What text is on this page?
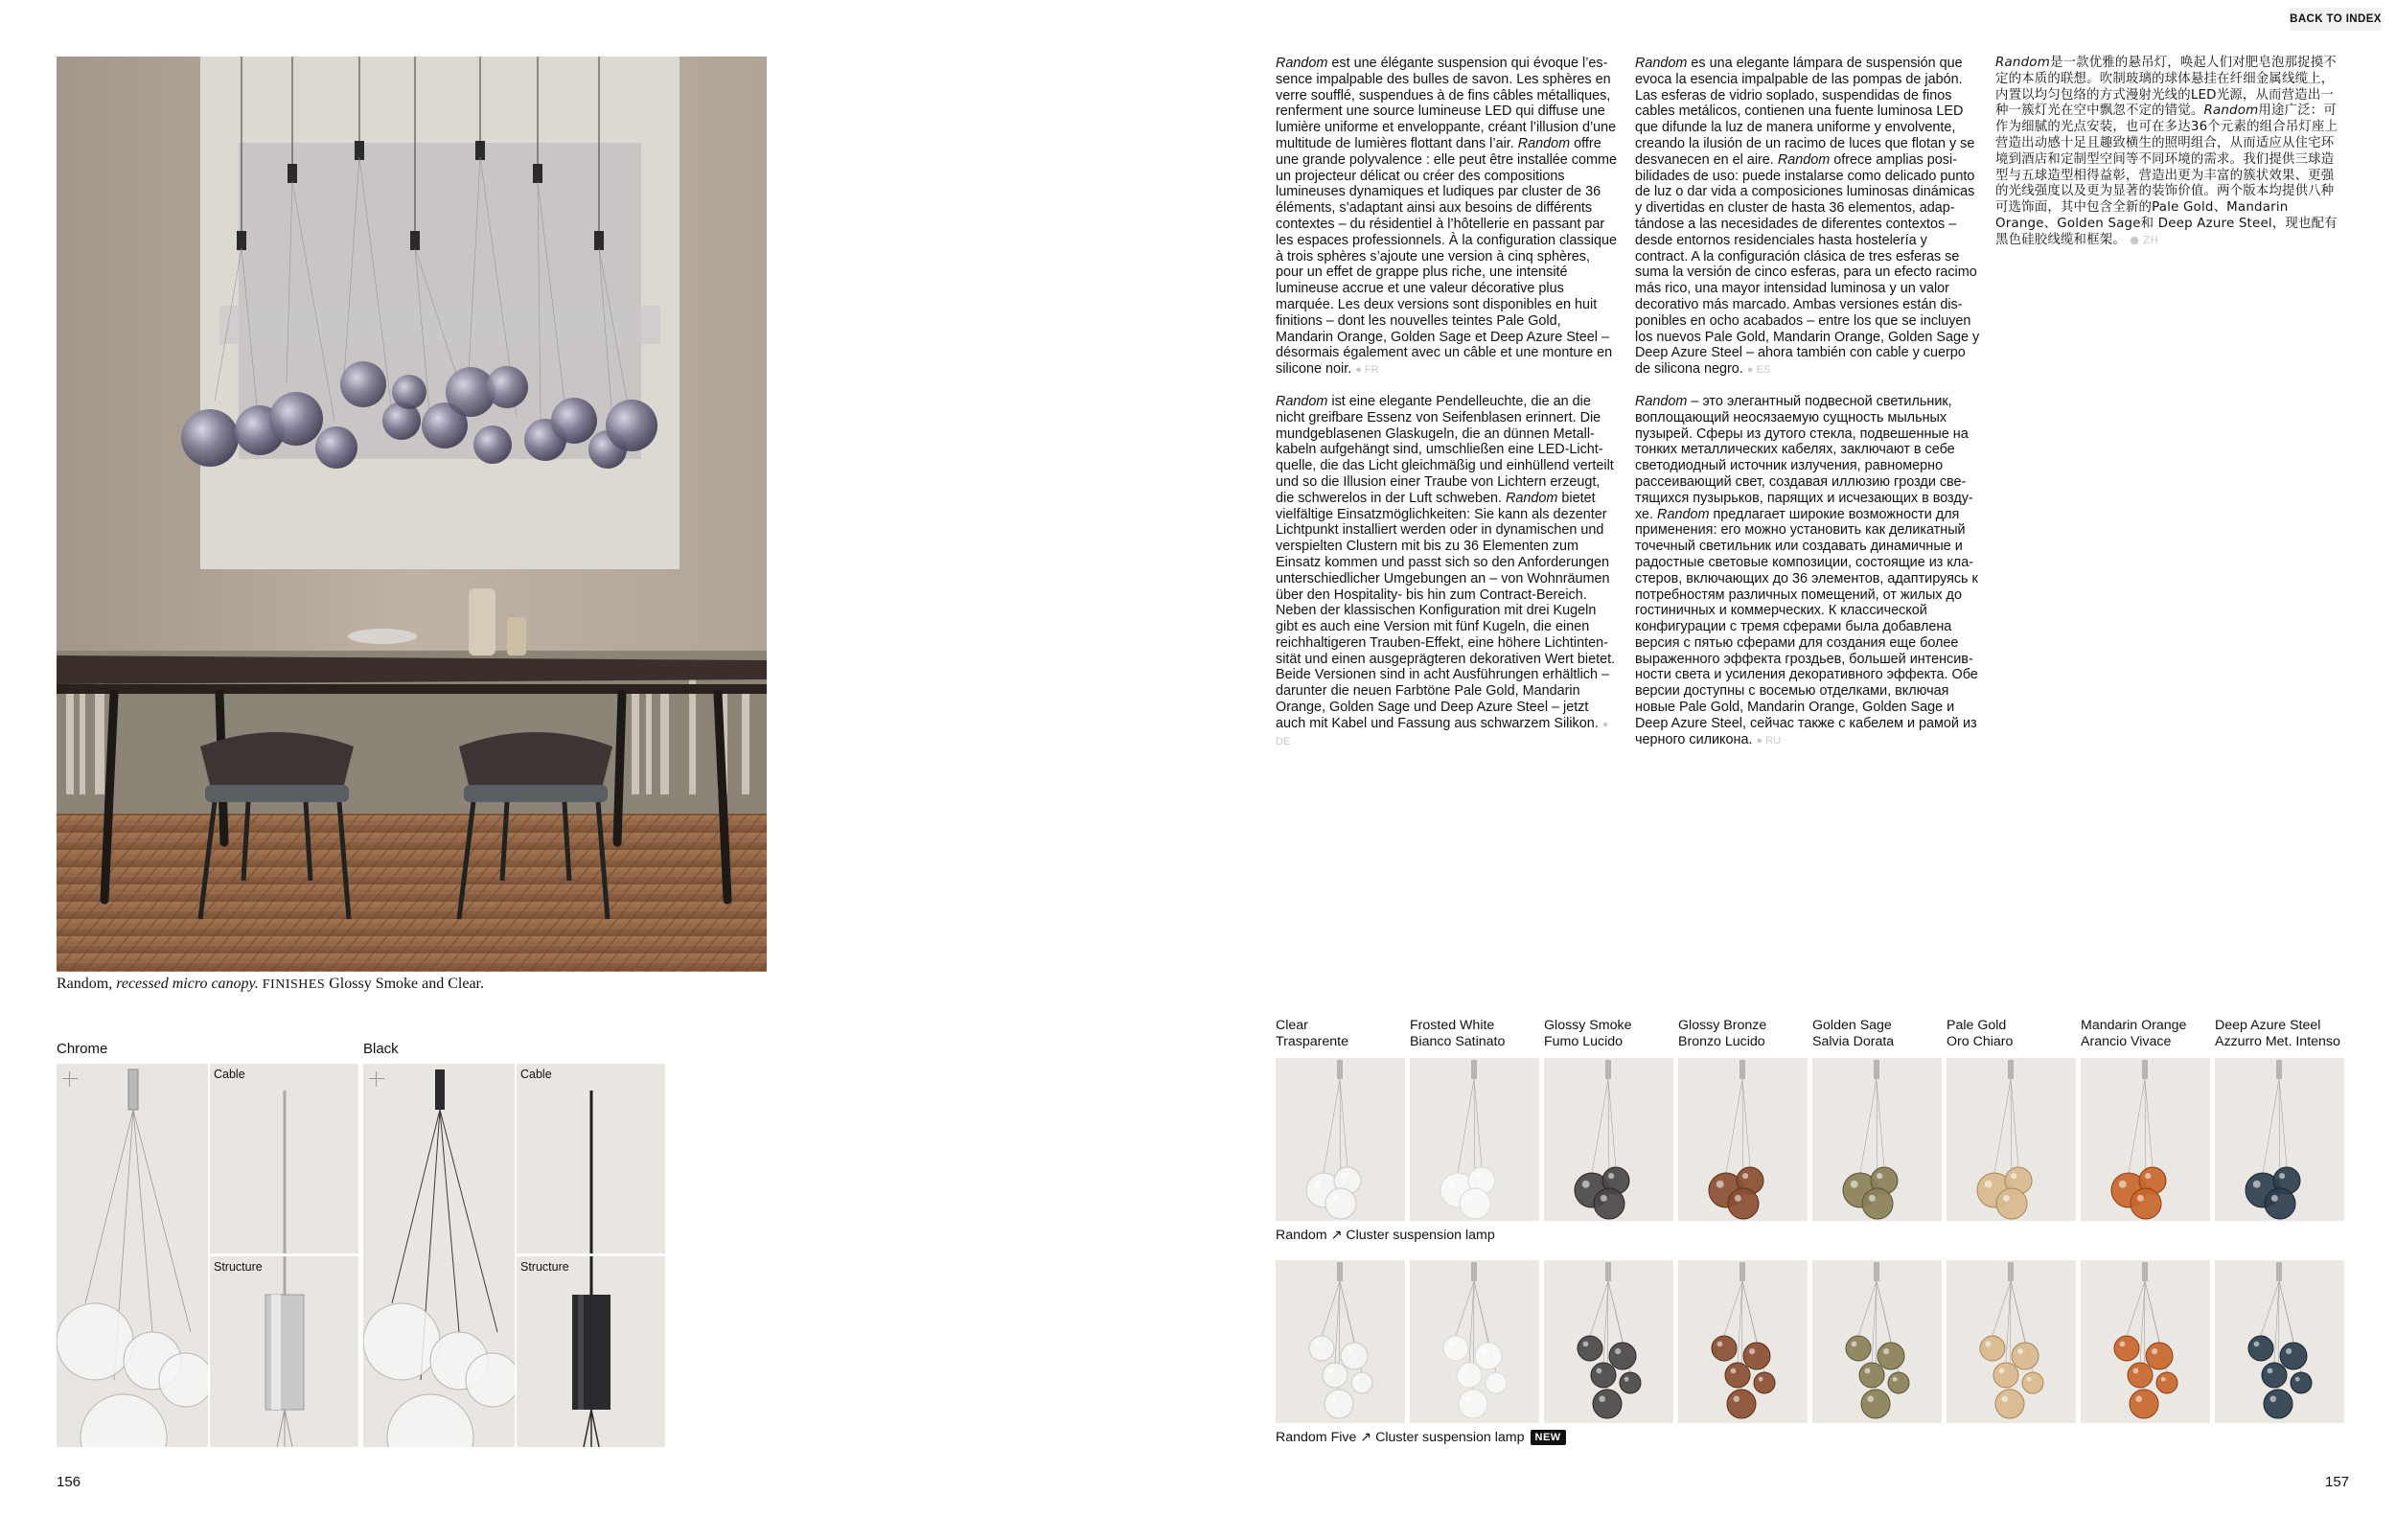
BACK TO INDEX
Random, recessed micro canopy. FINISHES Glossy Smoke and Clear.
Chrome
Cable
Structure
Black
Cable
Structure
156

Random est une élégante suspension qui évoque l’essence impalpable des bulles de savon. Les sphères en verre soufflé, suspendues à de fins câbles métalliques, renferment une source lumineuse LED qui diffuse une lumière uniforme et enveloppante, créant l’illusion d’une multitude de lumières flottant dans l’air. Random offre une grande polyvalence : elle peut être installée comme un projecteur délicat ou créer des compositions lumineuses dynamiques et ludiques par cluster de 36 éléments, s’adaptant ainsi aux besoins de différents contextes – du résidentiel à l’hôtellerie en passant par les espaces professionnels. À la configuration classique à trois sphères s’ajoute une version à cinq sphères, pour un effet de grappe plus riche, une intensité lumineuse accrue et une valeur décorative plus marquée. Les deux versions sont disponibles en huit finitions – dont les nouvelles teintes Pale Gold, Mandarin Orange, Golden Sage et Deep Azure Steel – désormais également avec un câble et une monture en silicone noir. ● FR

Random ist eine elegante Pendelleuchte, die an die nicht greifbare Essenz von Seifenblasen erinnert. Die mundgeblasenen Glaskugeln, die an dünnen Metallkabeln aufgehängt sind, umschließen eine LED-Lichtquelle, die das Licht gleichmäßig und einhüllend verteilt und so die Illusion einer Traube von Lichtern erzeugt, die schwerelos in der Luft schweben. Random bietet vielfältige Einsatzmöglichkeiten: Sie kann als dezenter Lichtpunkt installiert werden oder in dynamischen und verspielten Clustern mit bis zu 36 Elementen zum Einsatz kommen und passt sich so den Anforderungen unterschiedlicher Umgebungen an – von Wohnräumen über den Hospitality- bis hin zum Contract-Bereich. Neben der klassischen Konfiguration mit drei Kugeln gibt es auch eine Version mit fünf Kugeln, die einen reichhaltigeren Trauben-Effekt, eine höhere Lichtintensität und einen ausgeprägteren dekorativen Wert bietet. Beide Versionen sind in acht Ausführungen erhältlich – darunter die neuen Farbtöne Pale Gold, Mandarin Orange, Golden Sage und Deep Azure Steel – jetzt auch mit Kabel und Fassung aus schwarzem Silikon. ● DE

Random es una elegante lámpara de suspensión que evoca la esencia impalpable de las pompas de jabón. Las esferas de vidrio soplado, suspendidas de finos cables metálicos, contienen una fuente luminosa LED que difunde la luz de manera uniforme y envolvente, creando la ilusión de un racimo de luces que flotan y se desvanecen en el aire. Random ofrece amplias posibilidades de uso: puede instalarse como delicado punto de luz o dar vida a composiciones luminosas dinámicas y divertidas en cluster de hasta 36 elementos, adaptándose a las necesidades de diferentes contextos – desde entornos residenciales hasta hostelería y contract. A la configuración clásica de tres esferas se suma la versión de cinco esferas, para un efecto racimo más rico, una mayor intensidad luminosa y un valor decorativo más marcado. Ambas versiones están disponibles en ocho acabados – entre los que se incluyen los nuevos Pale Gold, Mandarin Orange, Golden Sage y Deep Azure Steel – ahora también con cable y cuerpo de silicona negro. ● ES

Random – это элегантный подвесной светильник, воплощающий неосязаемую сущность мыльных пузырей. Сферы из дутого стекла, подвешенные на тонких металлических кабелях, заключают в себе светодиодный источник излучения, равномерно рассеивающий свет, создавая иллюзию грозди светящихся пузырьков, парящих и исчезающих в воздухе. Random предлагает широкие возможности для применения: его можно установить как деликатный точечный светильник или создавать динамичные и радостные световые композиции, состоящие из кластеров, включающих до 36 элементов, адаптируясь к потребностям различных помещений, от жилых до гостиничных и коммерческих. К классической конфигурации с тремя сферами была добавлена версия с пятью сферами для создания еще более выраженного эффекта гроздьев, большей интенсивности света и усиления декоративного эффекта. Обе версии доступны с восемью отделками, включая новые Pale Gold, Mandarin Orange, Golden Sage и Deep Azure Steel, сейчас также с кабелем и рамой из черного силикона. ● RU

Random是一款优雅的悬吊灯，唤起人们对肥皂泡那捉摸不定的本质的联想。吹制玻璃的球体悬挂在纤细金属线缆上，内置以均匀包络的方式漫射光线的LED光源，从而营造出一种一簇灯光在空中飘忽不定的错觉。Random用途广泛：可作为细腻的光点安装，也可在多达36个元素的组合吊灯座上营造出动感十足且趣致横生的照明组合，从而适应从住宅环境到酒店和定制型空间等不同环境的需求。我们提供三球造型与五球造型相得益彰，营造出更为丰富的簇状效果、更强的光线强度以及更为显著的装饰价值。两个版本均提供八种可选饰面，其中包含全新的Pale Gold、Mandarin Orange、Golden Sage和 Deep Azure Steel，现也配有黑色硅胶线缆和框架。 ● ZH

Clear
Trasparente
Frosted White
Bianco Satinato
Glossy Smoke
Fumo Lucido
Glossy Bronze
Bronzo Lucido
Golden Sage
Salvia Dorata
Pale Gold
Oro Chiaro
Mandarin Orange
Arancio Vivace
Deep Azure Steel
Azzurro Met. Intenso
Random ↗ Cluster suspension lamp
Random Five ↗ Cluster suspension lamp NEW
157
